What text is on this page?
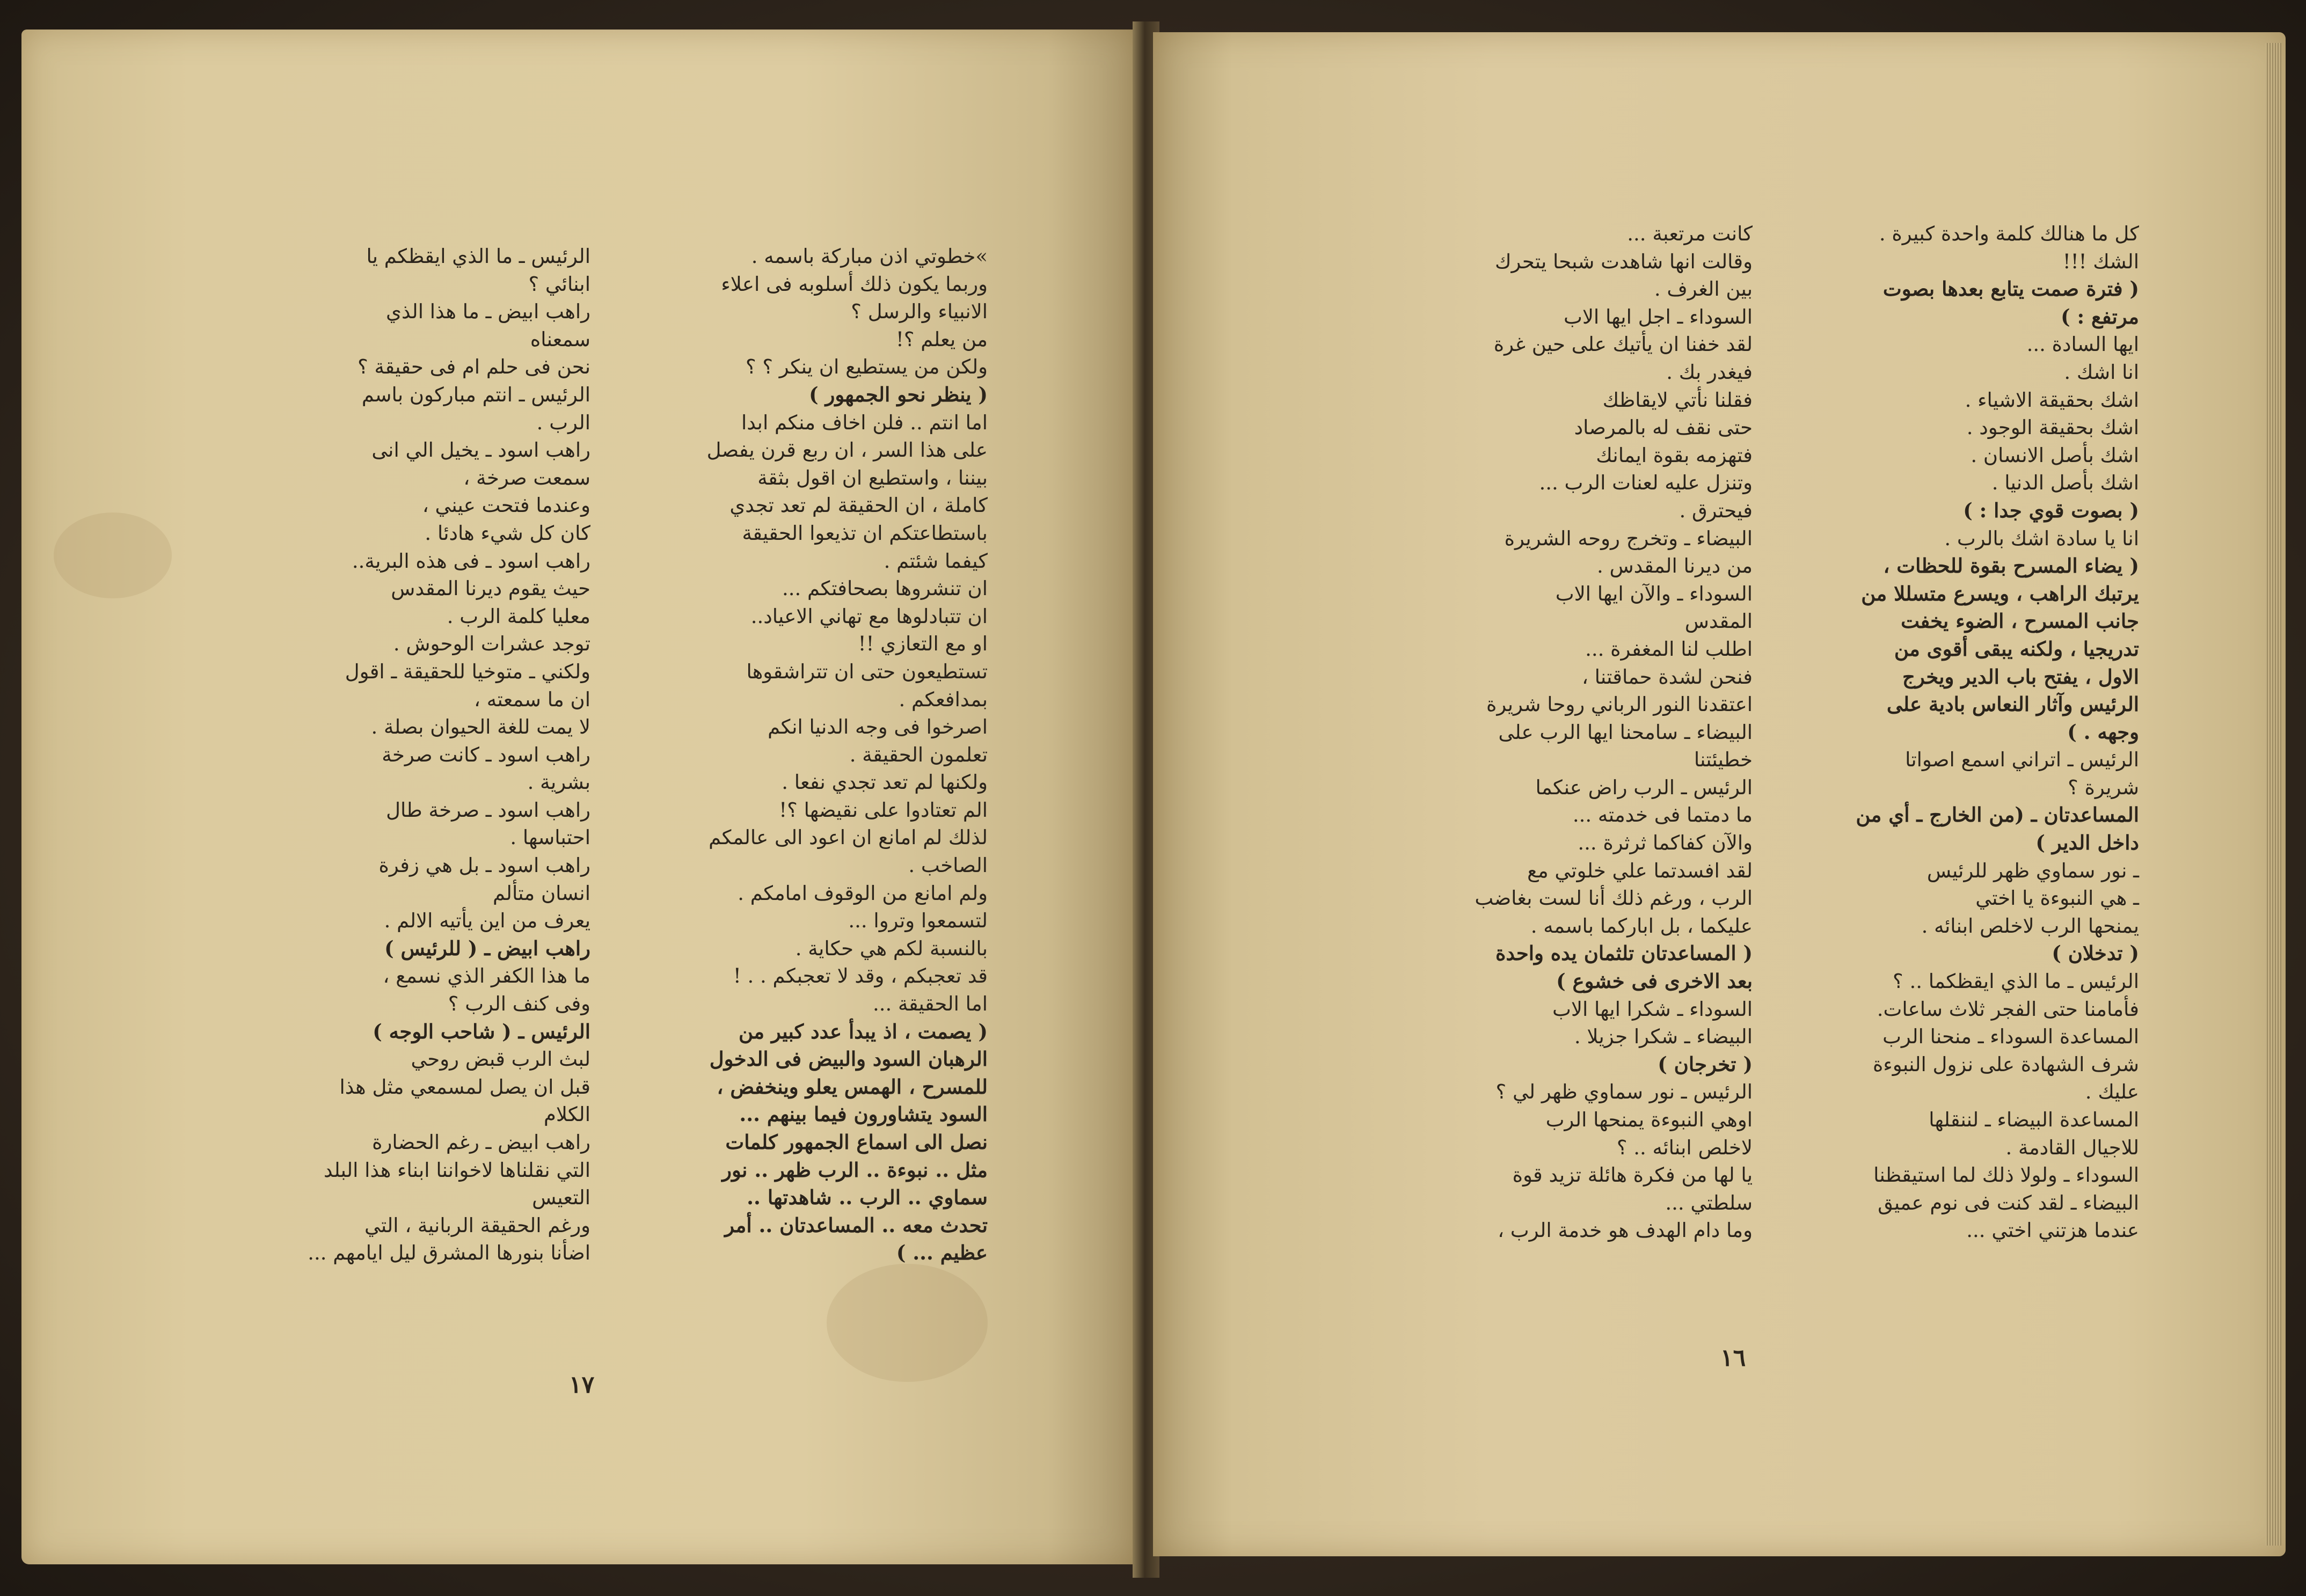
»خطوتي اذن مباركة باسمه .

وربما يكون ذلك أسلوبه فى اعلاء

الانبياء والرسل ؟

من يعلم ؟!

ولكن من يستطيع ان ينكر ؟ ؟

( ينظر نحو الجمهور )

اما انتم .. فلن اخاف منكم ابدا

على هذا السر ، ان ربع قرن يفصل

بيننا ، واستطيع ان اقول بثقة

كاملة ، ان الحقيقة لم تعد تجدي

باستطاعتكم ان تذيعوا الحقيقة

كيفما شئتم .

ان تنشروها بصحافتكم ...

ان تتبادلوها مع تهاني الاعياد..

او مع التعازي !!

تستطيعون حتى ان تتراشقوها

بمدافعكم .

اصرخوا فى وجه الدنيا انكم

تعلمون الحقيقة .

ولكنها لم تعد تجدي نفعا .

الم تعتادوا على نقيضها ؟!

لذلك لم امانع ان اعود الى عالمكم

الصاخب .

ولم امانع من الوقوف امامكم .

لتسمعوا وتروا ...

بالنسبة لكم هي حكاية .

قد تعجبكم ، وقد لا تعجبكم . . !

اما الحقيقة ...

( يصمت ، اذ يبدأ عدد كبير من

الرهبان السود والبيض فى الدخول

للمسرح ، الهمس يعلو وينخفض ،

السود يتشاورون فيما بينهم ...

نصل الى اسماع الجمهور كلمات

مثل .. نبوءة .. الرب ظهر .. نور

سماوي .. الرب .. شاهدتها ..

تحدث معه .. المساعدتان .. أمر

عظيم ... )

الرئيس ـ ما الذي ايقظكم يا

ابنائي ؟

راهب ابيض ـ ما هذا الذي

سمعناه

نحن فى حلم ام فى حقيقة ؟

الرئيس ـ انتم مباركون باسم

الرب .

راهب اسود ـ يخيل الي انى

سمعت صرخة ،

وعندما فتحت عيني ،

كان كل شيء هادئا .

راهب اسود ـ فى هذه البرية..

حيث يقوم ديرنا المقدس

معليا كلمة الرب .

توجد عشرات الوحوش .

ولكني ـ متوخيا للحقيقة ـ اقول

ان ما سمعته ،

لا يمت للغة الحيوان بصلة .

راهب اسود ـ كانت صرخة

بشرية .

راهب اسود ـ صرخة طال

احتباسها .

راهب اسود ـ بل هي زفرة

انسان متألم

يعرف من اين يأتيه الالم .

راهب ابيض ـ ( للرئيس )

ما هذا الكفر الذي نسمع ،

وفى كنف الرب ؟

الرئيس ـ ( شاحب الوجه )

لبث الرب قبض روحي

قبل ان يصل لمسمعي مثل هذا

الكلام

راهب ابيض ـ رغم الحضارة

التي نقلناها لاخواننا ابناء هذا البلد

التعيس

ورغم الحقيقة الربانية ، التي

اضأنا بنورها المشرق ليل ايامهم ...

١٧

كل ما هنالك كلمة واحدة كبيرة .

الشك !!!

( فترة صمت يتابع بعدها بصوت

مرتفع : )

ايها السادة ...

انا اشك .

اشك بحقيقة الاشياء .

اشك بحقيقة الوجود .

اشك بأصل الانسان .

اشك بأصل الدنيا .

( بصوت قوي جدا : )

انا يا سادة اشك بالرب .

( يضاء المسرح بقوة للحظات ،

يرتبك الراهب ، ويسرع متسللا من

جانب المسرح ، الضوء يخفت

تدريجيا ، ولكنه يبقى أقوى من

الاول ، يفتح باب الدير ويخرج

الرئيس وآثار النعاس بادية على

وجهه . )

الرئيس ـ اتراني اسمع اصواتا

شريرة ؟

المساعدتان ـ (من الخارج ـ أي من

داخل الدير )

ـ نور سماوي ظهر للرئيس

ـ هي النبوءة يا اختي

يمنحها الرب لاخلص ابنائه .

( تدخلان )

الرئيس ـ ما الذي ايقظكما .. ؟

فأمامنا حتى الفجر ثلاث ساعات.

المساعدة السوداء ـ منحنا الرب

شرف الشهادة على نزول النبوءة

عليك .

المساعدة البيضاء ـ لننقلها

للاجيال القادمة .

السوداء ـ ولولا ذلك لما استيقظنا

البيضاء ـ لقد كنت فى نوم عميق

عندما هزتني اختي ...

كانت مرتعبة ...

وقالت انها شاهدت شبحا يتحرك

بين الغرف .

السوداء ـ اجل ايها الاب

لقد خفنا ان يأتيك على حين غرة

فيغدر بك .

فقلنا نأتي لايقاظك

حتى نقف له بالمرصاد

فتهزمه بقوة ايمانك

وتنزل عليه لعنات الرب ...

فيحترق .

البيضاء ـ وتخرج روحه الشريرة

من ديرنا المقدس .

السوداء ـ والآن ايها الاب

المقدس

اطلب لنا المغفرة ...

فنحن لشدة حماقتنا ،

اعتقدنا النور الرباني روحا شريرة

البيضاء ـ سامحنا ايها الرب على

خطيئتنا

الرئيس ـ الرب راض عنكما

ما دمتما فى خدمته ...

والآن كفاكما ثرثرة ...

لقد افسدتما علي خلوتي مع

الرب ، ورغم ذلك أنا لست بغاضب

عليكما ، بل اباركما باسمه .

( المساعدتان تلثمان يده واحدة

بعد الاخرى فى خشوع )

السوداء ـ شكرا ايها الاب

البيضاء ـ شكرا جزيلا .

( تخرجان )

الرئيس ـ نور سماوي ظهر لي ؟

اوهي النبوءة يمنحها الرب

لاخلص ابنائه .. ؟

يا لها من فكرة هائلة تزيد قوة

سلطتي ...

وما دام الهدف هو خدمة الرب ،

١٦
